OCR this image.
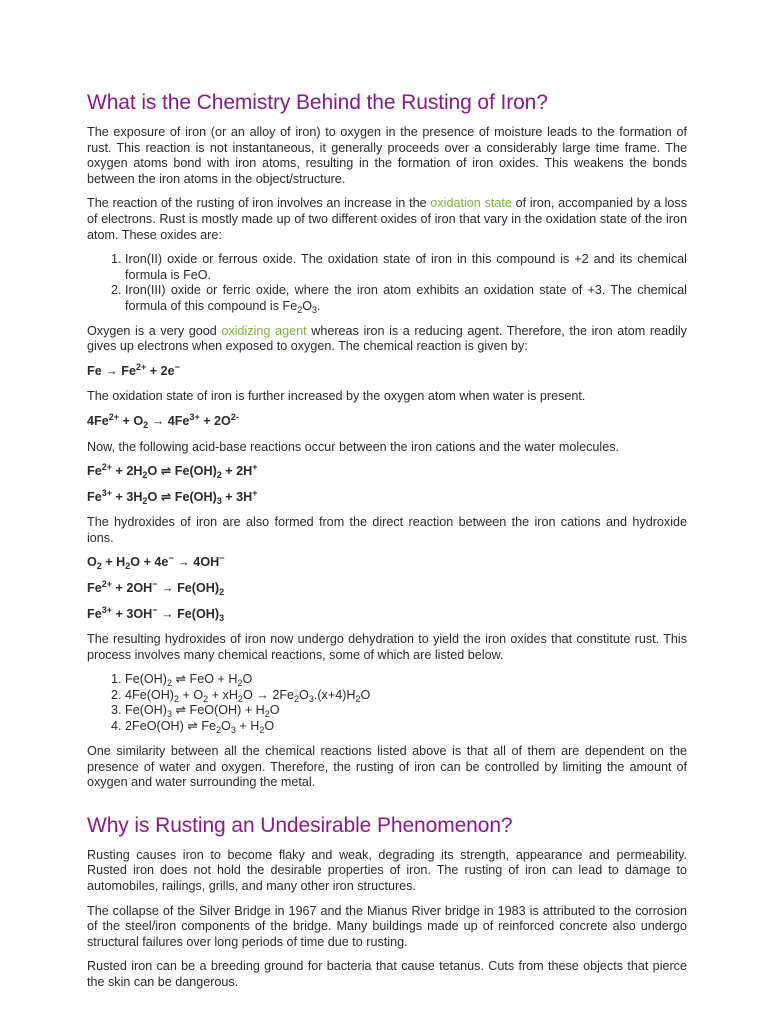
What is the Chemistry Behind the Rusting of Iron?

The exposure of iron (or an alloy of iron) to oxygen in the presence of moisture leads to the formation of rust. This reaction is not instantaneous, it generally proceeds over a considerably large time frame. The oxygen atoms bond with iron atoms, resulting in the formation of iron oxides. This weakens the bonds between the iron atoms in the object/structure.

The reaction of the rusting of iron involves an increase in the oxidation state of iron, accompanied by a loss of electrons. Rust is mostly made up of two different oxides of iron that vary in the oxidation state of the iron atom. These oxides are:

1. Iron(II) oxide or ferrous oxide. The oxidation state of iron in this compound is +2 and its chemical formula is FeO.
2. Iron(III) oxide or ferric oxide, where the iron atom exhibits an oxidation state of +3. The chemical formula of this compound is $Fe_2O_3$.

Oxygen is a very good oxidizing agent whereas iron is a reducing agent. Therefore, the iron atom readily gives up electrons when exposed to oxygen. The chemical reaction is given by:

$Fe \to Fe^{2+} + 2e^-$

The oxidation state of iron is further increased by the oxygen atom when water is present.

$4Fe^{2+} + O_2 \to 4Fe^{3+} + 2O^{2-}$

Now, the following acid-base reactions occur between the iron cations and the water molecules.

$Fe^{2+} + 2H_2O$ ⇌ $Fe(OH)_2 + 2H^+$
$Fe^{3+} + 3H_2O$ ⇌ $Fe(OH)_3 + 3H^+$

The hydroxides of iron are also formed from the direct reaction between the iron cations and hydroxide ions.

$O_2 + H_2O + 4e^- \to 4OH^-$
$Fe^{2+} + 2OH^- \to Fe(OH)_2$
$Fe^{3+} + 3OH^- \to Fe(OH)_3$

The resulting hydroxides of iron now undergo dehydration to yield the iron oxides that constitute rust. This process involves many chemical reactions, some of which are listed below.

1. $Fe(OH)_2$ ⇌ FeO + $H_2O$
2. $4Fe(OH)_2 + O_2 + xH_2O \to 2Fe_2O_3.(x+4)H_2O$
3. $Fe(OH)_3$ ⇌ $FeO(OH) + H_2O$
4. 2FeO(OH) ⇌ $Fe_2O_3 + H_2O$

One similarity between all the chemical reactions listed above is that all of them are dependent on the presence of water and oxygen. Therefore, the rusting of iron can be controlled by limiting the amount of oxygen and water surrounding the metal.

Why is Rusting an Undesirable Phenomenon?

Rusting causes iron to become flaky and weak, degrading its strength, appearance and permeability. Rusted iron does not hold the desirable properties of iron. The rusting of iron can lead to damage to automobiles, railings, grills, and many other iron structures.

The collapse of the Silver Bridge in 1967 and the Mianus River bridge in 1983 is attributed to the corrosion of the steel/iron components of the bridge. Many buildings made up of reinforced concrete also undergo structural failures over long periods of time due to rusting.

Rusted iron can be a breeding ground for bacteria that cause tetanus. Cuts from these objects that pierce the skin can be dangerous.
